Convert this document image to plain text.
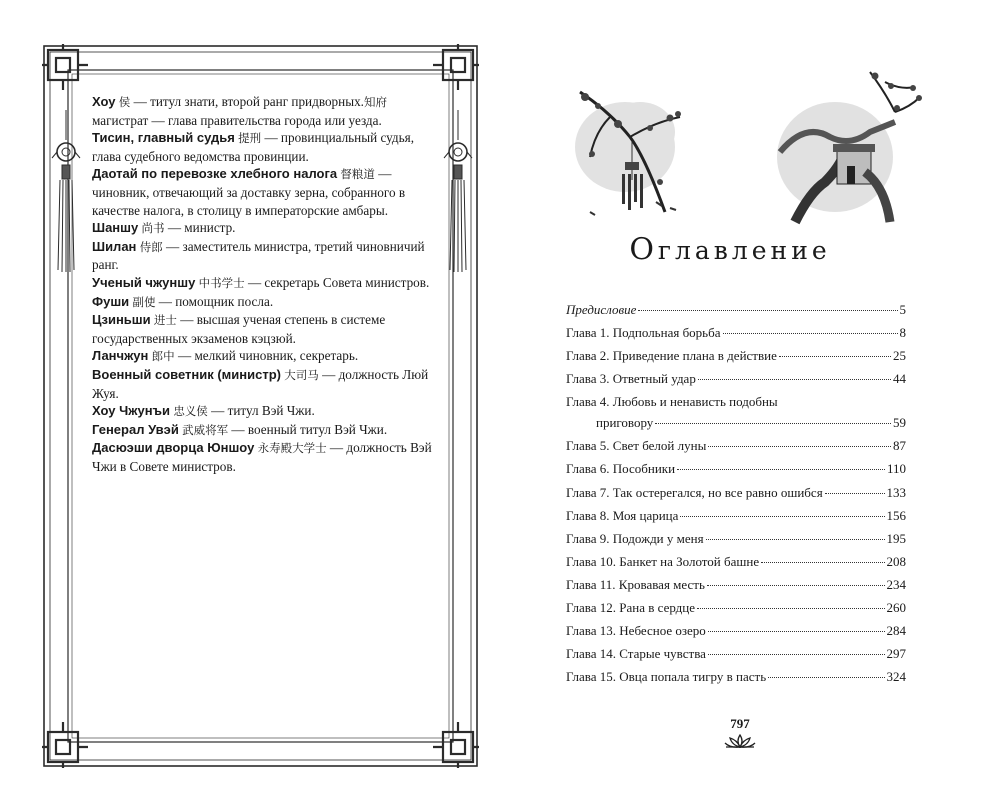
Хоу 侯 — титул знати, второй ранг придворных.知府 магистрат — глава правительства города или уезда.

Тисин, главный судья 提刑 — провинциальный судья, глава судебного ведомства провинции.

Даотай по перевозке хлебного налога 督粮道 — чиновник, отвечающий за доставку зерна, собранного в качестве налога, в столицу в императорские амбары.

Шаншу 尚书 — министр.

Шилан 侍郎 — заместитель министра, третий чиновничий ранг.

Ученый чжуншу 中书学士 — секретарь Совета министров.

Фуши 副使 — помощник посла.

Цзиньши 进士 — высшая ученая степень в системе государственных экзаменов кэцзюй.

Ланчжун 郎中 — мелкий чиновник, секретарь.

Военный советник (министр) 大司马 — должность Люй Жуя.

Хоу Чжунъи 忠义侯 — титул Вэй Чжи.

Генерал Увэй 武威将军 — военный титул Вэй Чжи.

Дасюэши дворца Юншоу 永寿殿大学士 — должность Вэй Чжи в Совете министров.

Оглавление
Предисловие	5
Глава 1. Подпольная борьба	8
Глава 2. Приведение плана в действие	25
Глава 3. Ответный удар	44
Глава 4. Любовь и ненависть подобны
приговору	59
Глава 5. Свет белой луны	87
Глава 6. Пособники	110
Глава 7. Так остерегался, но все равно ошибся	133
Глава 8. Моя царица	156
Глава 9. Подожди у меня	195
Глава 10. Банкет на Золотой башне	208
Глава 11. Кровавая месть	234
Глава 12. Рана в сердце	260
Глава 13. Небесное озеро	284
Глава 14. Старые чувства	297
Глава 15. Овца попала тигру в пасть	324
797
